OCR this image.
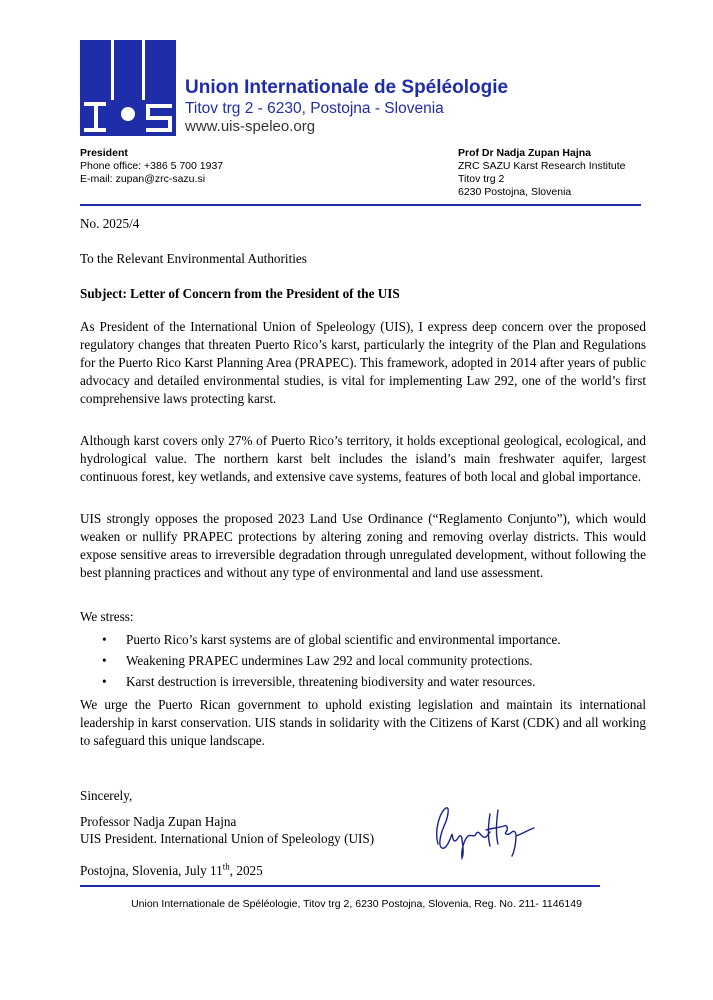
Union Internationale de Spéléologie
Titov trg 2 - 6230, Postojna - Slovenia
www.uis-speleo.org
President
Phone office: +386 5 700 1937
E-mail: zupan@zrc-sazu.si
Prof Dr Nadja Zupan Hajna
ZRC SAZU Karst Research Institute
Titov trg 2
6230 Postojna, Slovenia
No. 2025/4
To the Relevant Environmental Authorities
Subject: Letter of Concern from the President of the UIS

As President of the International Union of Speleology (UIS), I express deep concern over the proposed regulatory changes that threaten Puerto Rico’s karst, particularly the integrity of the Plan and Regulations for the Puerto Rico Karst Planning Area (PRAPEC). This framework, adopted in 2014 after years of public advocacy and detailed environmental studies, is vital for implementing Law 292, one of the world’s first comprehensive laws protecting karst.

Although karst covers only 27% of Puerto Rico’s territory, it holds exceptional geological, ecological, and hydrological value. The northern karst belt includes the island’s main freshwater aquifer, largest continuous forest, key wetlands, and extensive cave systems, features of both local and global importance.

UIS strongly opposes the proposed 2023 Land Use Ordinance (“Reglamento Conjunto”), which would weaken or nullify PRAPEC protections by altering zoning and removing overlay districts. This would expose sensitive areas to irreversible degradation through unregulated development, without following the best planning practices and without any type of environmental and land use assessment.

We stress:
• Puerto Rico’s karst systems are of global scientific and environmental importance.
• Weakening PRAPEC undermines Law 292 and local community protections.
• Karst destruction is irreversible, threatening biodiversity and water resources.

We urge the Puerto Rican government to uphold existing legislation and maintain its international leadership in karst conservation. UIS stands in solidarity with the Citizens of Karst (CDK) and all working to safeguard this unique landscape.

Sincerely,
Professor Nadja Zupan Hajna
UIS President. International Union of Speleology (UIS)
Postojna, Slovenia, July 11th, 2025
Union Internationale de Spéléologie, Titov trg 2, 6230 Postojna, Slovenia, Reg. No. 211- 1146149
